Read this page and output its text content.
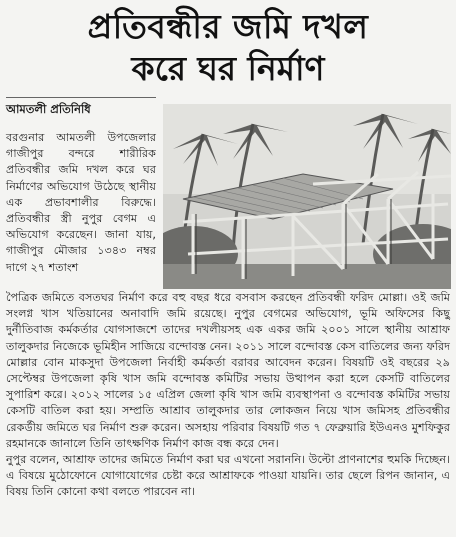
প্রতিবন্ধীর জমি দখল
করে ঘর নির্মাণ
আমতলী প্রতিনিধি
বরগুনার আমতলী উপজেলার গাজীপুর বন্দরে শারীরিক প্রতিবন্ধীর জমি দখল করে ঘর নির্মাণের অভিযোগ উঠেছে স্থানীয় এক প্রভাবশালীর বিরুদ্ধে। প্রতিবন্ধীর স্ত্রী নুপুর বেগম এ অভিযোগ করেছেন। জানা যায়, গাজীপুর মৌজার ১৩৪৩ নম্বর দাগে ২৭ শতাংশ

পৈত্রিক জমিতে বসতঘর নির্মাণ করে বহু বছর ধরে বসবাস করছেন প্রতিবন্ধী ফরিদ মোল্লা। ওই জমি সংলগ্ন খাস খতিয়ানের অনাবাদি জমি রয়েছে। নুপুর বেগমের অভিযোগ, ভূমি অফিসের কিছু দুর্নীতিবাজ কর্মকর্তার যোগসাজশে তাদের দখলীয়সহ এক একর জমি ২০০১ সালে স্থানীয় আশ্রাফ তালুকদার নিজেকে ভূমিহীন সাজিয়ে বন্দোবস্ত নেন। ২০১১ সালে বন্দোবস্ত কেস বাতিলের জন্য ফরিদ মোল্লার বোন মাকসুদা উপজেলা নির্বাহী কর্মকর্তা বরাবর আবেদন করেন। বিষয়টি ওই বছরের ২৯ সেপ্টেম্বর উপজেলা কৃষি খাস জমি বন্দোবস্ত কমিটির সভায় উত্থাপন করা হলে কেসটি বাতিলের সুপারিশ করে। ২০১২ সালের ১৫ এপ্রিল জেলা কৃষি খাস জমি ব্যবস্থাপনা ও বন্দোবস্ত কমিটির সভায় কেসটি বাতিল করা হয়। সম্প্রতি আশ্রাব তালুকদার তার লোকজন নিয়ে খাস জমিসহ প্রতিবন্ধীর রেকর্ডীয় জমিতে ঘর নির্মাণ শুরু করেন। অসহায় পরিবার বিষয়টি গত ৭ ফেব্রুয়ারি ইউএনও মুশফিকুর রহমানকে জানালে তিনি তাৎক্ষণিক নির্মাণ কাজ বন্ধ করে দেন।

নুপুর বলেন, আশ্রাফ তাদের জমিতে নির্মাণ করা ঘর এখনো সরাননি। উল্টো প্রাণনাশের হুমকি দিচ্ছেন। এ বিষয়ে মুঠোফোনে যোগাযোগের চেষ্টা করে আশ্রাফকে পাওয়া যায়নি। তার ছেলে রিপন জানান, এ বিষয় তিনি কোনো কথা বলতে পারবেন না।
